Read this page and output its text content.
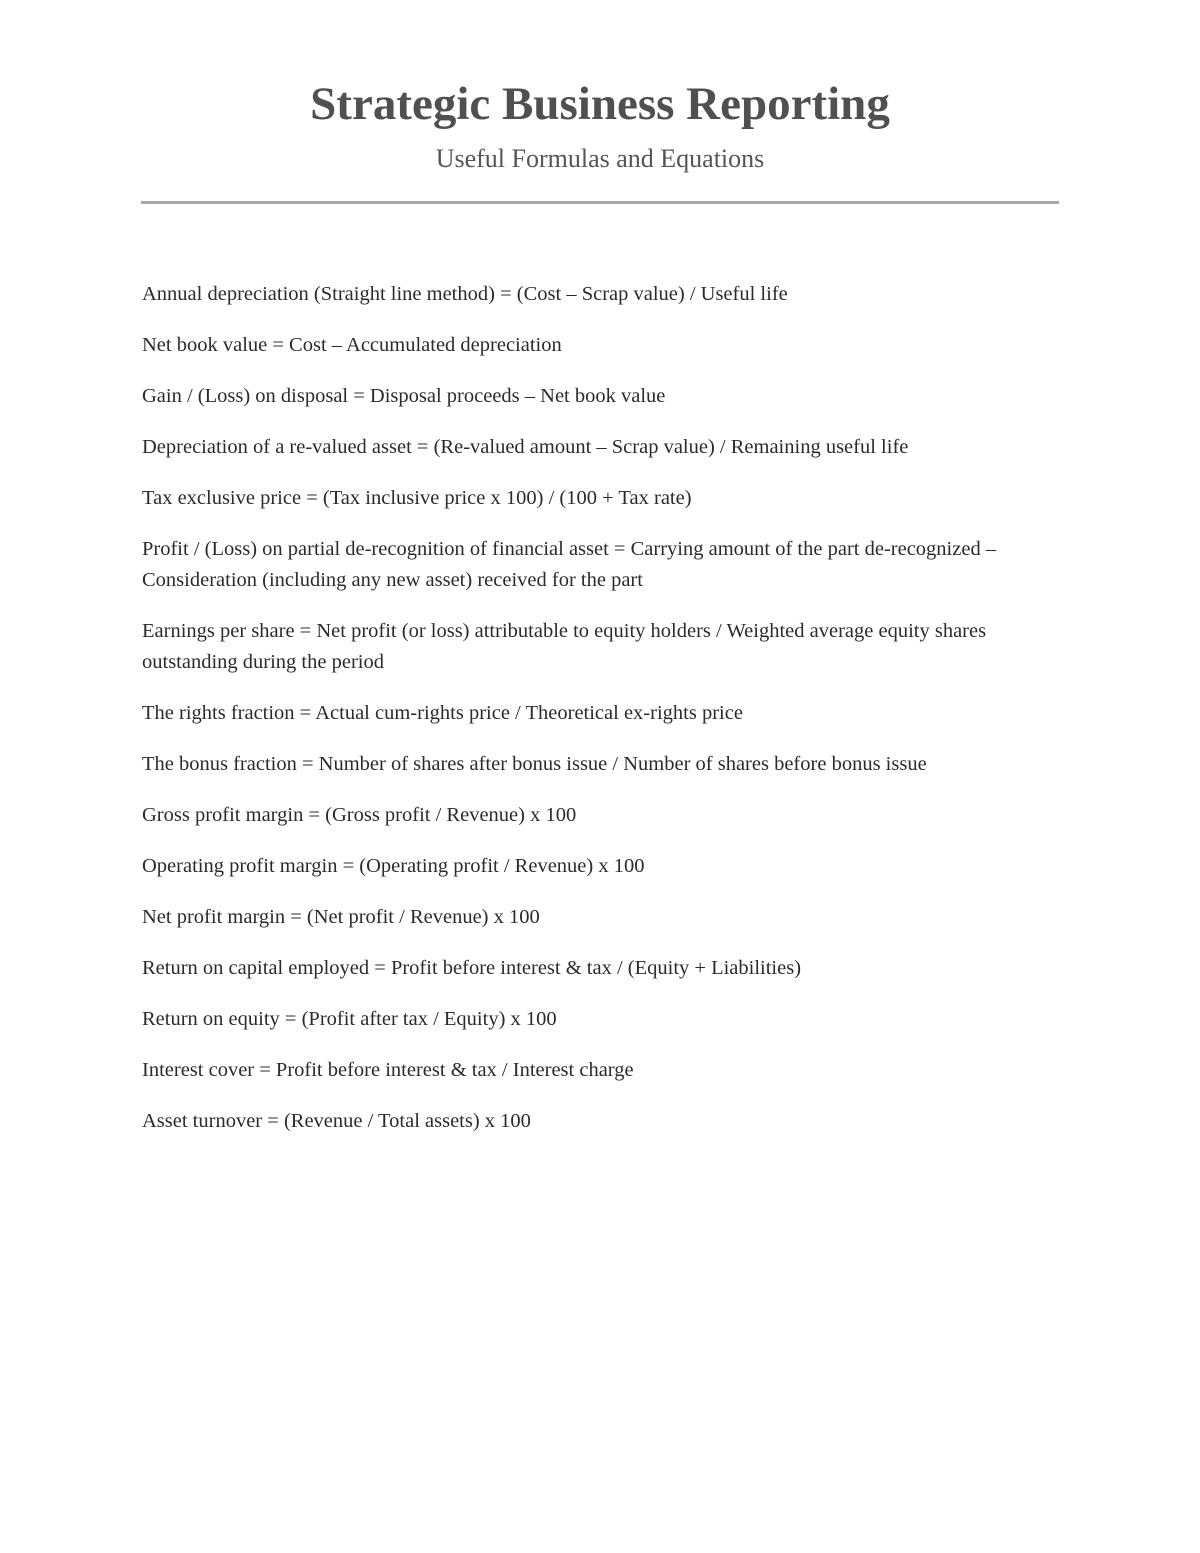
Strategic Business Reporting
Useful Formulas and Equations

Annual depreciation (Straight line method) = (Cost – Scrap value) / Useful life

Net book value = Cost – Accumulated depreciation

Gain / (Loss) on disposal = Disposal proceeds – Net book value

Depreciation of a re-valued asset = (Re-valued amount – Scrap value) / Remaining useful life

Tax exclusive price = (Tax inclusive price x 100) / (100 + Tax rate)

Profit / (Loss) on partial de-recognition of financial asset = Carrying amount of the part de-recognized – Consideration (including any new asset) received for the part

Earnings per share = Net profit (or loss) attributable to equity holders / Weighted average equity shares outstanding during the period

The rights fraction = Actual cum-rights price / Theoretical ex-rights price

The bonus fraction = Number of shares after bonus issue / Number of shares before bonus issue

Gross profit margin = (Gross profit / Revenue) x 100

Operating profit margin = (Operating profit / Revenue) x 100

Net profit margin = (Net profit / Revenue) x 100

Return on capital employed = Profit before interest & tax / (Equity + Liabilities)

Return on equity = (Profit after tax / Equity) x 100

Interest cover = Profit before interest & tax / Interest charge

Asset turnover = (Revenue / Total assets) x 100
